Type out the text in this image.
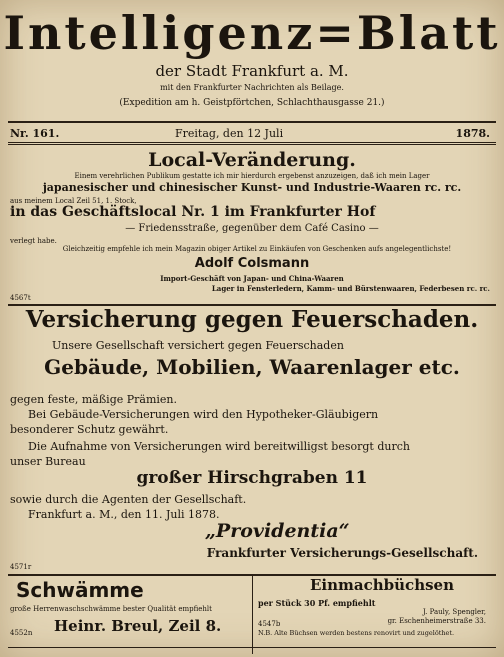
Intelligenz=Blatt
der Stadt Frankfurt a. M.
mit den Frankfurter Nachrichten als Beilage.
(Expedition am h. Geistpförtchen, Schlachthausgasse 21.)
Nr. 161.	Freitag, den 12 Juli	1878.
Local-Veränderung.
Einem verehrlichen Publikum gestatte ich mir hierdurch ergebenst anzuzeigen, daß ich mein Lager
japanesischer und chinesischer Kunst- und Industrie-Waaren rc. rc.
aus meinem Local Zeil 51, 1. Stock,
in das Geschäftslocal Nr. 1 im Frankfurter Hof
— Friedensstraße, gegenüber dem Café Casino —
verlegt habe.
Gleichzeitig empfehle ich mein Magazin obiger Artikel zu Einkäufen von Geschenken aufs angelegentlichste!
Adolf Colsmann
Import-Geschäft von Japan- und China-Waaren
Lager in Fensterledern, Kamm- und Bürstenwaaren, Federbesen rc. rc.
4567t
Versicherung gegen Feuerschaden.
Unsere Gesellschaft versichert gegen Feuerschaden
Gebäude, Mobilien, Waarenlager etc.
gegen feste, mäßige Prämien.
Bei Gebäude-Versicherungen wird den Hypotheker-Gläubigern
besonderer Schutz gewährt.
Die Aufnahme von Versicherungen wird bereitwilligst besorgt durch
unser Bureau
großer Hirschgraben 11
sowie durch die Agenten der Gesellschaft.
Frankfurt a. M., den 11. Juli 1878.
„Providentia“
Frankfurter Versicherungs-Gesellschaft.
4571r
Schwämme
große Herrenwaschschwämme bester Qualität empfiehlt
4552n Heinr. Breul, Zeil 8.
Einmachbüchsen
per Stück 30 Pf. empfiehlt
J. Pauly, Spengler,
gr. Eschenheimerstraße 33.
4547b
N.B. Alte Büchsen werden bestens renovirt und zugelöthet.
